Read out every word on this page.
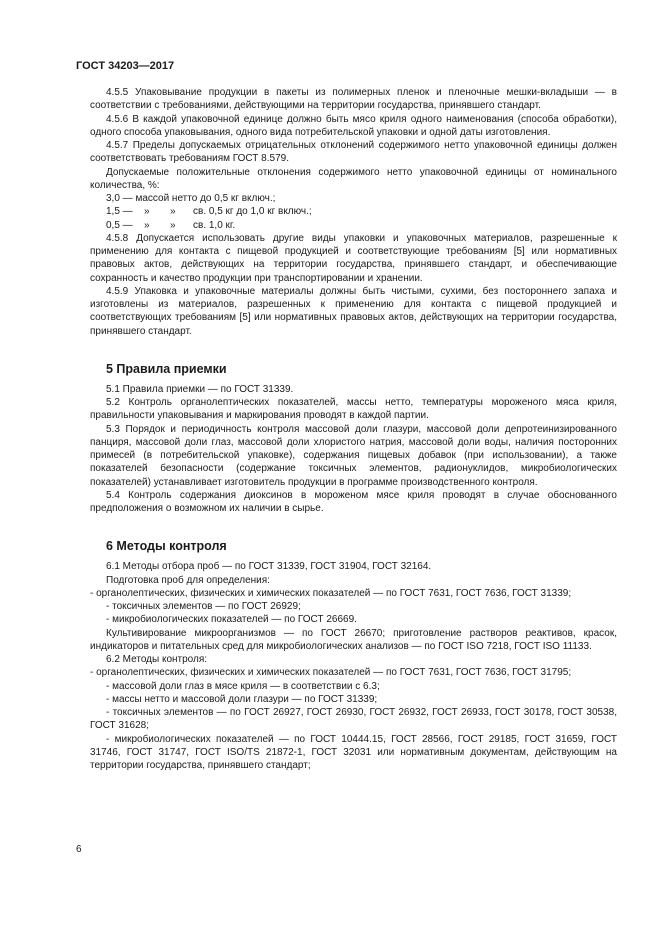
ГОСТ 34203—2017

4.5.5 Упаковывание продукции в пакеты из полимерных пленок и пленочные мешки-вкладыши — в соответствии с требованиями, действующими на территории государства, принявшего стандарт.

4.5.6 В каждой упаковочной единице должно быть мясо криля одного наименования (способа обработки), одного способа упаковывания, одного вида потребительской упаковки и одной даты изготовления.

4.5.7 Пределы допускаемых отрицательных отклонений содержимого нетто упаковочной единицы должен соответствовать требованиям ГОСТ 8.579.

Допускаемые положительные отклонения содержимого нетто упаковочной единицы от номинального количества, %:

3,0 — массой нетто до 0,5 кг включ.;
1,5 —	»	»	св. 0,5 кг до 1,0 кг включ.;
0,5 —	»	»	св. 1,0 кг.

4.5.8 Допускается использовать другие виды упаковки и упаковочных материалов, разрешенные к применению для контакта с пищевой продукцией и соответствующие требованиям [5] или нормативных правовых актов, действующих на территории государства, принявшего стандарт, и обеспечивающие сохранность и качество продукции при транспортировании и хранении.

4.5.9 Упаковка и упаковочные материалы должны быть чистыми, сухими, без постороннего запаха и изготовлены из материалов, разрешенных к применению для контакта с пищевой продукцией и соответствующих требованиям [5] или нормативных правовых актов, действующих на территории государства, принявшего стандарт.

5 Правила приемки

5.1 Правила приемки — по ГОСТ 31339.

5.2 Контроль органолептических показателей, массы нетто, температуры мороженого мяса криля, правильности упаковывания и маркирования проводят в каждой партии.

5.3 Порядок и периодичность контроля массовой доли глазури, массовой доли депротеинизированного панциря, массовой доли глаз, массовой доли хлористого натрия, массовой доли воды, наличия посторонних примесей (в потребительской упаковке), содержания пищевых добавок (при использовании), а также показателей безопасности (содержание токсичных элементов, радионуклидов, микробиологических показателей) устанавливает изготовитель продукции в программе производственного контроля.

5.4 Контроль содержания диоксинов в мороженом мясе криля проводят в случае обоснованного предположения о возможном их наличии в сырье.

6 Методы контроля

6.1 Методы отбора проб — по ГОСТ 31339, ГОСТ 31904, ГОСТ 32164.

Подготовка проб для определения:

- органолептических, физических и химических показателей — по ГОСТ 7631, ГОСТ 7636, ГОСТ 31339;

- токсичных элементов — по ГОСТ 26929;

- микробиологических показателей — по ГОСТ 26669.

Культивирование микроорганизмов — по ГОСТ 26670; приготовление растворов реактивов, красок, индикаторов и питательных сред для микробиологических анализов — по ГОСТ ISO 7218, ГОСТ ISO 11133.

6.2 Методы контроля:

- органолептических, физических и химических показателей — по ГОСТ 7631, ГОСТ 7636, ГОСТ 31795;

- массовой доли глаз в мясе криля — в соответствии с 6.3;

- массы нетто и массовой доли глазури — по ГОСТ 31339;

- токсичных элементов — по ГОСТ 26927, ГОСТ 26930, ГОСТ 26932, ГОСТ 26933, ГОСТ 30178, ГОСТ 30538, ГОСТ 31628;

- микробиологических показателей — по ГОСТ 10444.15, ГОСТ 28566, ГОСТ 29185, ГОСТ 31659, ГОСТ 31746, ГОСТ 31747, ГОСТ ISO/TS 21872-1, ГОСТ 32031 или нормативным документам, действующим на территории государства, принявшего стандарт;

6
